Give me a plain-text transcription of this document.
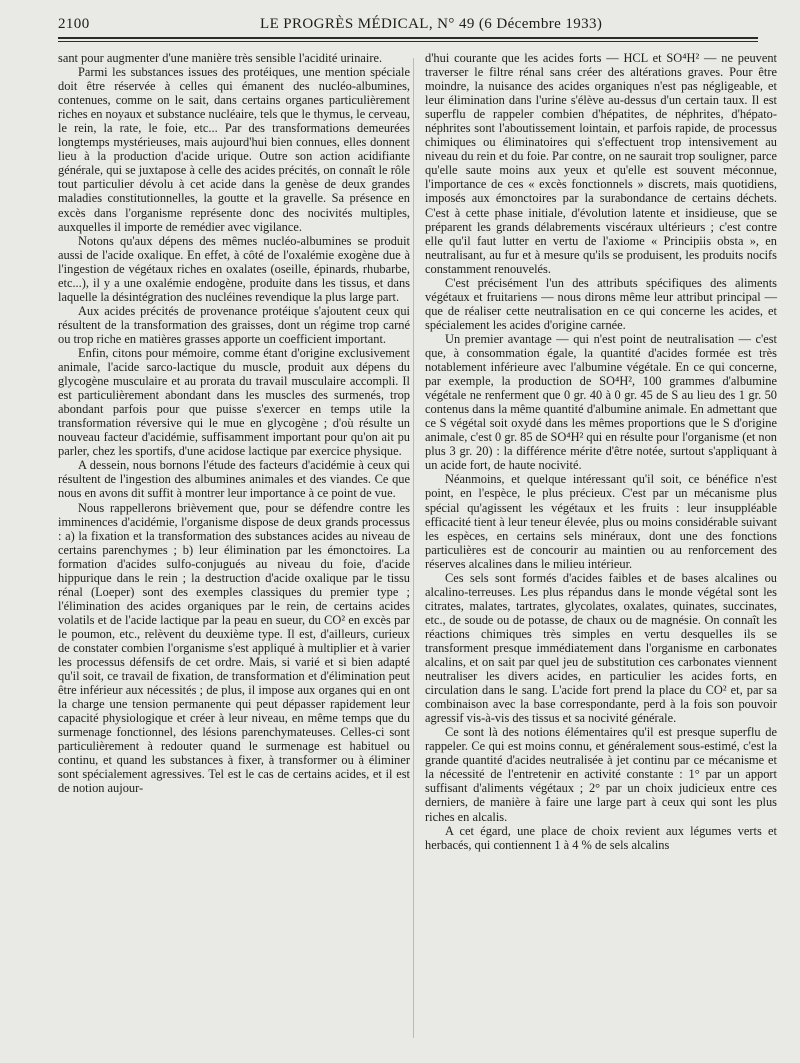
2100	LE PROGRÈS MÉDICAL, N° 49 (6 Décembre 1933)

sant pour augmenter d'une manière très sensible l'acidité urinaire.

Parmi les substances issues des protéiques, une mention spéciale doit être réservée à celles qui émanent des nucléo-albumines, contenues, comme on le sait, dans certains organes particulièrement riches en noyaux et substance nucléaire, tels que le thymus, le cerveau, le rein, la rate, le foie, etc... Par des transformations demeurées longtemps mystérieuses, mais aujourd'hui bien connues, elles donnent lieu à la production d'acide urique. Outre son action acidifiante générale, qui se juxtapose à celle des acides précités, on connaît le rôle tout particulier dévolu à cet acide dans la genèse de deux grandes maladies constitutionnelles, la goutte et la gravelle. Sa présence en excès dans l'organisme représente donc des nocivités multiples, auxquelles il importe de remédier avec vigilance.

Notons qu'aux dépens des mêmes nucléo-albumines se produit aussi de l'acide oxalique. En effet, à côté de l'oxalémie exogène due à l'ingestion de végétaux riches en oxalates (oseille, épinards, rhubarbe, etc...), il y a une oxalémie endogène, produite dans les tissus, et dans laquelle la désintégration des nucléines revendique la plus large part.

Aux acides précités de provenance protéique s'ajoutent ceux qui résultent de la transformation des graisses, dont un régime trop carné ou trop riche en matières grasses apporte un coefficient important.

Enfin, citons pour mémoire, comme étant d'origine exclusivement animale, l'acide sarco-lactique du muscle, produit aux dépens du glycogène musculaire et au prorata du travail musculaire accompli. Il est particulièrement abondant dans les muscles des surmenés, trop abondant parfois pour que puisse s'exercer en temps utile la transformation réversive qui le mue en glycogène ; d'où résulte un nouveau facteur d'acidémie, suffisamment important pour qu'on ait pu parler, chez les sportifs, d'une acidose lactique par exercice physique.

A dessein, nous bornons l'étude des facteurs d'acidémie à ceux qui résultent de l'ingestion des albumines animales et des viandes. Ce que nous en avons dit suffit à montrer leur importance à ce point de vue.

Nous rappellerons brièvement que, pour se défendre contre les imminences d'acidémie, l'organisme dispose de deux grands processus : a) la fixation et la transformation des substances acides au niveau de certains parenchymes ; b) leur élimination par les émonctoires. La formation d'acides sulfo-conjugués au niveau du foie, d'acide hippurique dans le rein ; la destruction d'acide oxalique par le tissu rénal (Loeper) sont des exemples classiques du premier type ; l'élimination des acides organiques par le rein, de certains acides volatils et de l'acide lactique par la peau en sueur, du CO² en excès par le poumon, etc., relèvent du deuxième type. Il est, d'ailleurs, curieux de constater combien l'organisme s'est appliqué à multiplier et à varier les processus défensifs de cet ordre. Mais, si varié et si bien adapté qu'il soit, ce travail de fixation, de transformation et d'élimination peut être inférieur aux nécessités ; de plus, il impose aux organes qui en ont la charge une tension permanente qui peut dépasser rapidement leur capacité physiologique et créer à leur niveau, en même temps que du surmenage fonctionnel, des lésions parenchymateuses. Celles-ci sont particulièrement à redouter quand le surmenage est habituel ou continu, et quand les substances à fixer, à transformer ou à éliminer sont spécialement agressives. Tel est le cas de certains acides, et il est de notion aujour-

d'hui courante que les acides forts — HCL et SO⁴H² — ne peuvent traverser le filtre rénal sans créer des altérations graves. Pour être moindre, la nuisance des acides organiques n'est pas négligeable, et leur élimination dans l'urine s'élève au-dessus d'un certain taux. Il est superflu de rappeler combien d'hépatites, de néphrites, d'hépato-néphrites sont l'aboutissement lointain, et parfois rapide, de processus chimiques ou éliminatoires qui s'effectuent trop intensivement au niveau du rein et du foie. Par contre, on ne saurait trop souligner, parce qu'elle saute moins aux yeux et qu'elle est souvent méconnue, l'importance de ces « excès fonctionnels » discrets, mais quotidiens, imposés aux émonctoires par la surabondance de certains déchets. C'est à cette phase initiale, d'évolution latente et insidieuse, que se préparent les grands délabrements viscéraux ultérieurs ; c'est contre elle qu'il faut lutter en vertu de l'axiome « Principiis obsta », en neutralisant, au fur et à mesure qu'ils se produisent, les produits nocifs constamment renouvelés.

C'est précisément l'un des attributs spécifiques des aliments végétaux et fruitariens — nous dirons même leur attribut principal — que de réaliser cette neutralisation en ce qui concerne les acides, et spécialement les acides d'origine carnée.

Un premier avantage — qui n'est point de neutralisation — c'est que, à consommation égale, la quantité d'acides formée est très notablement inférieure avec l'albumine végétale. En ce qui concerne, par exemple, la production de SO⁴H², 100 grammes d'albumine végétale ne renferment que 0 gr. 40 à 0 gr. 45 de S au lieu des 1 gr. 50 contenus dans la même quantité d'albumine animale. En admettant que ce S végétal soit oxydé dans les mêmes proportions que le S d'origine animale, c'est 0 gr. 85 de SO⁴H² qui en résulte pour l'organisme (et non plus 3 gr. 20) : la différence mérite d'être notée, surtout s'appliquant à un acide fort, de haute nocivité.

Néanmoins, et quelque intéressant qu'il soit, ce bénéfice n'est point, en l'espèce, le plus précieux. C'est par un mécanisme plus spécial qu'agissent les végétaux et les fruits : leur insuppléable efficacité tient à leur teneur élevée, plus ou moins considérable suivant les espèces, en certains sels minéraux, dont une des fonctions particulières est de concourir au maintien ou au renforcement des réserves alcalines dans le milieu intérieur.

Ces sels sont formés d'acides faibles et de bases alcalines ou alcalino-terreuses. Les plus répandus dans le monde végétal sont les citrates, malates, tartrates, glycolates, oxalates, quinates, succinates, etc., de soude ou de potasse, de chaux ou de magnésie. On connaît les réactions chimiques très simples en vertu desquelles ils se transforment presque immédiatement dans l'organisme en carbonates alcalins, et on sait par quel jeu de substitution ces carbonates viennent neutraliser les divers acides, en particulier les acides forts, en circulation dans le sang. L'acide fort prend la place du CO² et, par sa combinaison avec la base correspondante, perd à la fois son pouvoir agressif vis-à-vis des tissus et sa nocivité générale.

Ce sont là des notions élémentaires qu'il est presque superflu de rappeler. Ce qui est moins connu, et généralement sous-estimé, c'est la grande quantité d'acides neutralisée à jet continu par ce mécanisme et la nécessité de l'entretenir en activité constante : 1° par un apport suffisant d'aliments végétaux ; 2° par un choix judicieux entre ces derniers, de manière à faire une large part à ceux qui sont les plus riches en alcalis.

A cet égard, une place de choix revient aux légumes verts et herbacés, qui contiennent 1 à 4 % de sels alcalins
